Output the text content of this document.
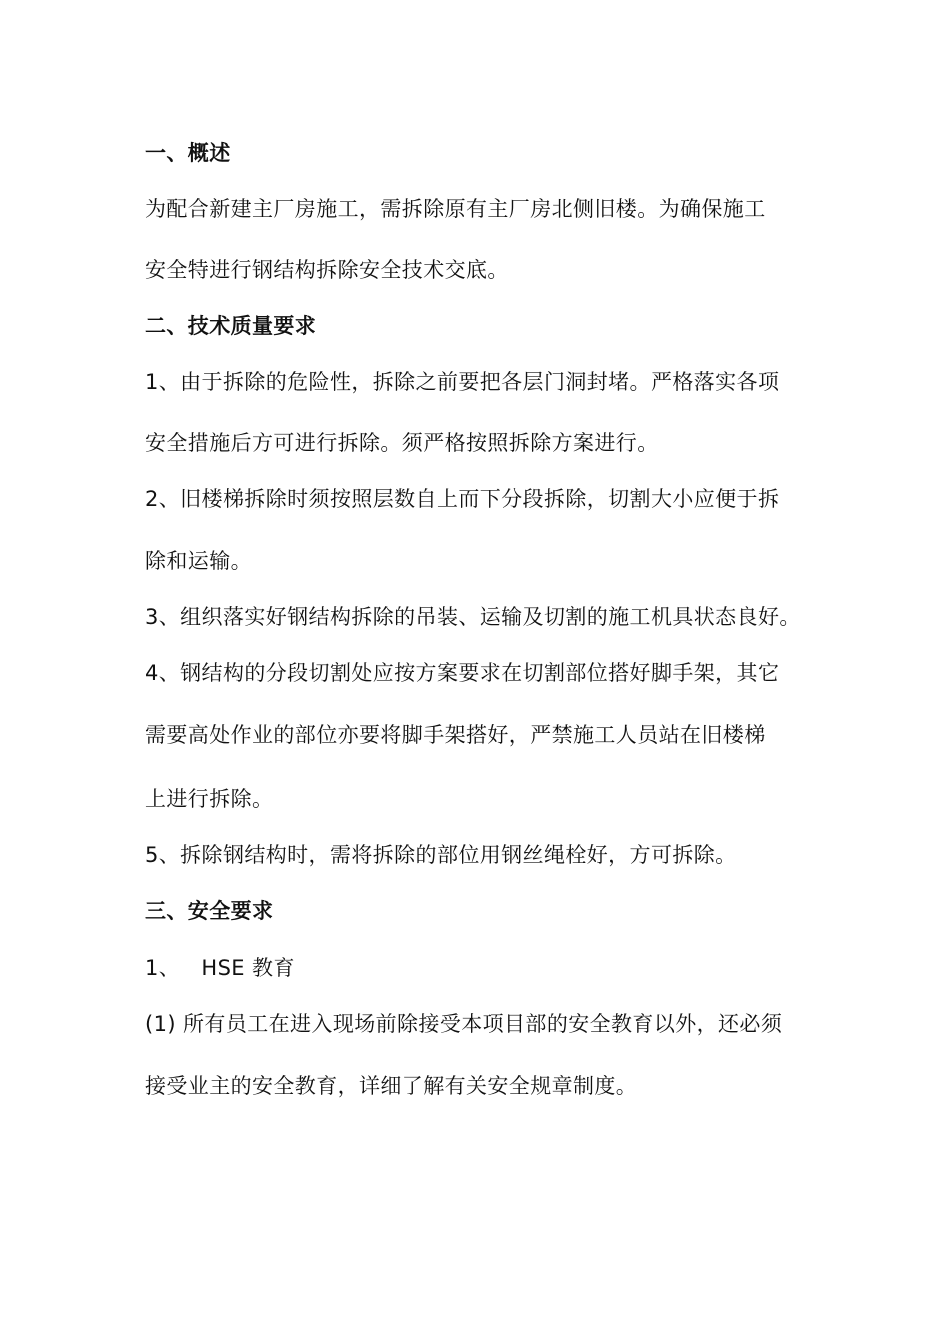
一、概述
为配合新建主厂房施工，需拆除原有主厂房北侧旧楼。为确保施工
安全特进行钢结构拆除安全技术交底。
二、技术质量要求
1、由于拆除的危险性，拆除之前要把各层门洞封堵。严格落实各项
安全措施后方可进行拆除。须严格按照拆除方案进行。
2、旧楼梯拆除时须按照层数自上而下分段拆除，切割大小应便于拆
除和运输。
3、组织落实好钢结构拆除的吊装、运输及切割的施工机具状态良好。
4、钢结构的分段切割处应按方案要求在切割部位搭好脚手架，其它
需要高处作业的部位亦要将脚手架搭好，严禁施工人员站在旧楼梯
上进行拆除。
5、拆除钢结构时，需将拆除的部位用钢丝绳栓好，方可拆除。
三、安全要求
1、   HSE 教育
(1) 所有员工在进入现场前除接受本项目部的安全教育以外，还必须
接受业主的安全教育，详细了解有关安全规章制度。
